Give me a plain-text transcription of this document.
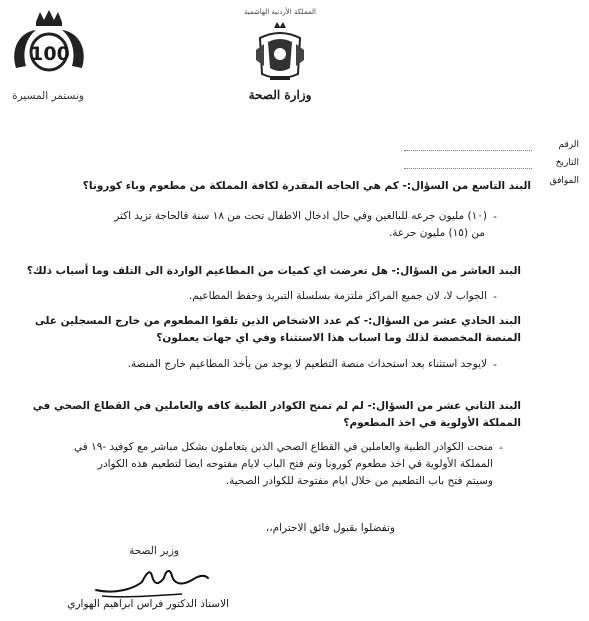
100
ونستمر المسيرة
المملكة الأردنية الهاشمية
وزارة الصحة
الرقم
التاريخ
الموافق
البند التاسع من السؤال:- كم هي الحاجه المقدرة لكافة المملكة من مطعوم وباء كورونا؟
(١٠) مليون جرعه للبالغين وفي حال ادخال الاطفال تحت من ١٨ سنة فالحاجة تزيد اكثر -
من (١٥) مليون جرعة.
البند العاشر من السؤال:- هل تعرضت اي كميات من المطاعيم الواردة الى التلف وما أسباب ذلك؟
الجواب لا، لان جميع المراكز ملتزمة بسلسلة التبريد وحفظ المطاعيم. -
البند الحادي عشر من السؤال:- كم عدد الاشخاص الذين تلقوا المطعوم من خارج المسجلين على
المنصة المخصصة لذلك وما اسباب هذا الاستثناء وفي اي جهات يعملون؟
لايوجد استثناء بعد استحداث منصة التطعيم لا يوجد من يأخذ المطاعيم خارج المنصة. -
البند الثاني عشر من السؤال:- لم لم تمنح الكوادر الطبية كافه والعاملين في القطاع الصحي في
المملكة الأولوية في اخذ المطعوم؟
منحت الكوادر الطبية والعاملين في القطاع الصحي الذين يتعاملون بشكل مباشر مع كوفيد -١٩ في -
المملكة الأولوية في اخذ مطعوم كورونا وتم فتح الباب لايام مفتوحه ايضا لتطعيم هذه الكوادر
وسيتم فتح باب التطعيم من خلال ايام مفتوحة للكوادر الصحية.
وتفضلوا بقبول فائق الاحترام،،
وزير الصحة
الاستاذ الدكتور فراس ابراهيم الهواري
